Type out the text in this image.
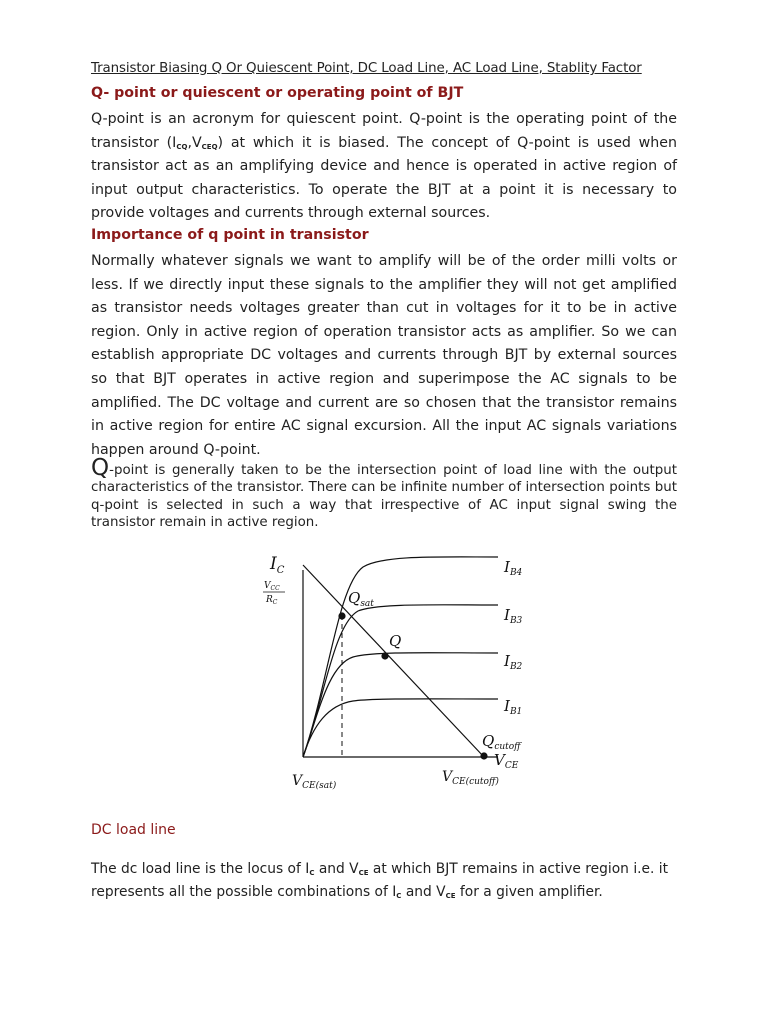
Transistor Biasing Q Or Quiescent Point, DC Load Line, AC Load Line, Stablity Factor
Q- point or quiescent or operating point of BJT
Q-point is an acronym for quiescent point. Q-point is the operating point of the transistor $(I_{CQ},V_{CEQ})$ at which it is biased. The concept of Q-point is used when transistor act as an amplifying device and hence is operated in active region of input output characteristics. To operate the BJT at a point it is necessary to provide voltages and currents through external sources.
Importance of q point in transistor
Normally whatever signals we want to amplify will be of the order milli volts or less. If we directly input these signals to the amplifier they will not get amplified as transistor needs voltages greater than cut in voltages for it to be in active region. Only in active region of operation transistor acts as amplifier. So we can establish appropriate DC voltages and currents through BJT by external sources so that BJT operates in active region and superimpose the AC signals to be amplified. The DC voltage and current are so chosen that the transistor remains in active region for entire AC signal excursion. All the input AC signals variations happen around Q-point.
Q-point is generally taken to be the intersection point of load line with the output characteristics of the transistor. There can be infinite number of intersection points but q-point is selected in such a way that irrespective of AC input signal swing the transistor remain in active region.
$I_C$
$V_{CC}$
$R_C$	$Q_{sat}$
Q
$Q_{cutoff}$
$I_{B4}$
$I_{B3}$
$I_{B2}$
$I_{B1}$
$V_{CE}$
$V_{CE(sat)}$
$V_{CE(cutoff)}$
DC load line
The dc load line is the locus of $I_C$ and $V_{CE}$ at which BJT remains in active region i.e. it represents all the possible combinations of $I_C$ and $V_{CE}$ for a given amplifier.
